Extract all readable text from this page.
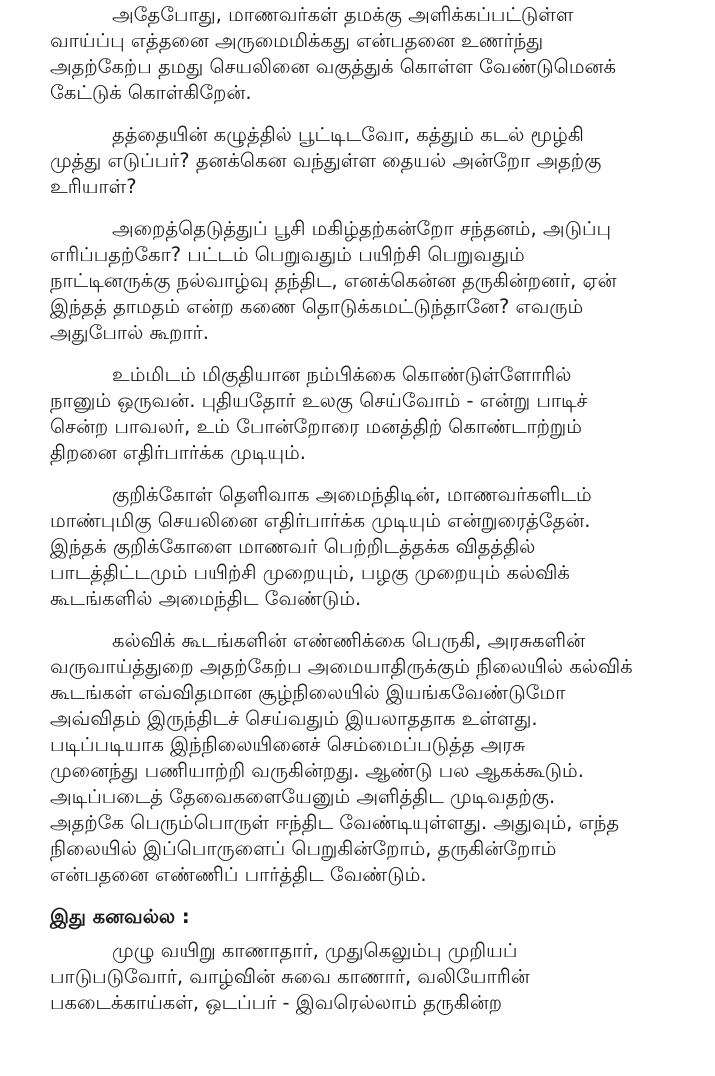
அதேபோது, மாணவர்கள் தமக்கு அளிக்கப்பட்டுள்ள
வாய்ப்பு எத்தனை அருமைமிக்கது என்பதனை உணர்ந்து
அதற்கேற்ப தமது செயலினை வகுத்துக் கொள்ள வேண்டுமெனக்
கேட்டுக் கொள்கிறேன்.
தத்தையின் கழுத்தில் பூட்டிடவோ, கத்தும் கடல் மூழ்கி
முத்து எடுப்பர்? தனக்கென வந்துள்ள தையல் அன்றோ அதற்கு
உரியாள்?
அறைத்தெடுத்துப் பூசி மகிழ்தற்கன்றோ சந்தனம், அடுப்பு
எரிப்பதற்கோ? பட்டம் பெறுவதும் பயிற்சி பெறுவதும்
நாட்டினருக்கு நல்வாழ்வு தந்திட, எனக்கென்ன தருகின்றனர், ஏன்
இந்தத் தாமதம் என்ற கணை தொடுக்கமட்டுந்தானே? எவரும்
அதுபோல் கூறார்.
உம்மிடம் மிகுதியான நம்பிக்கை கொண்டுள்ளோரில்
நானும் ஒருவன். புதியதோர் உலகு செய்வோம் - என்று பாடிச்
சென்ற பாவலர், உம் போன்றோரை மனத்திற் கொண்டாற்றும்
திறனை எதிர்பார்க்க முடியும்.
குறிக்கோள் தெளிவாக அமைந்திடின், மாணவர்களிடம்
மாண்புமிகு செயலினை எதிர்பார்க்க முடியும் என்றுரைத்தேன்.
இந்தக் குறிக்கோளை மாணவர் பெற்றிடத்தக்க விதத்தில்
பாடத்திட்டமும் பயிற்சி முறையும், பழகு முறையும் கல்விக்
கூடங்களில் அமைந்திட வேண்டும்.
கல்விக் கூடங்களின் எண்ணிக்கை பெருகி, அரசுகளின்
வருவாய்த்துறை அதற்கேற்ப அமையாதிருக்கும் நிலையில் கல்விக்
கூடங்கள் எவ்விதமான சூழ்நிலையில் இயங்கவேண்டுமோ
அவ்விதம் இருந்திடச் செய்வதும் இயலாததாக உள்ளது.
படிப்படியாக இந்நிலையினைச் செம்மைப்படுத்த அரசு
முனைந்து பணியாற்றி வருகின்றது. ஆண்டு பல ஆகக்கூடும்.
அடிப்படைத் தேவைகளையேனும் அளித்திட முடிவதற்கு.
அதற்கே பெரும்பொருள் ஈந்திட வேண்டியுள்ளது. அதுவும், எந்த
நிலையில் இப்பொருளைப் பெறுகின்றோம், தருகின்றோம்
என்பதனை எண்ணிப் பார்த்திட வேண்டும்.
இது கனவல்ல :
முழு வயிறு காணாதார், முதுகெலும்பு முறியப்
பாடுபடுவோர், வாழ்வின் சுவை காணார், வலியோரின்
பகடைக்காய்கள், ஒடப்பர் - இவரெல்லாம் தருகின்ற
